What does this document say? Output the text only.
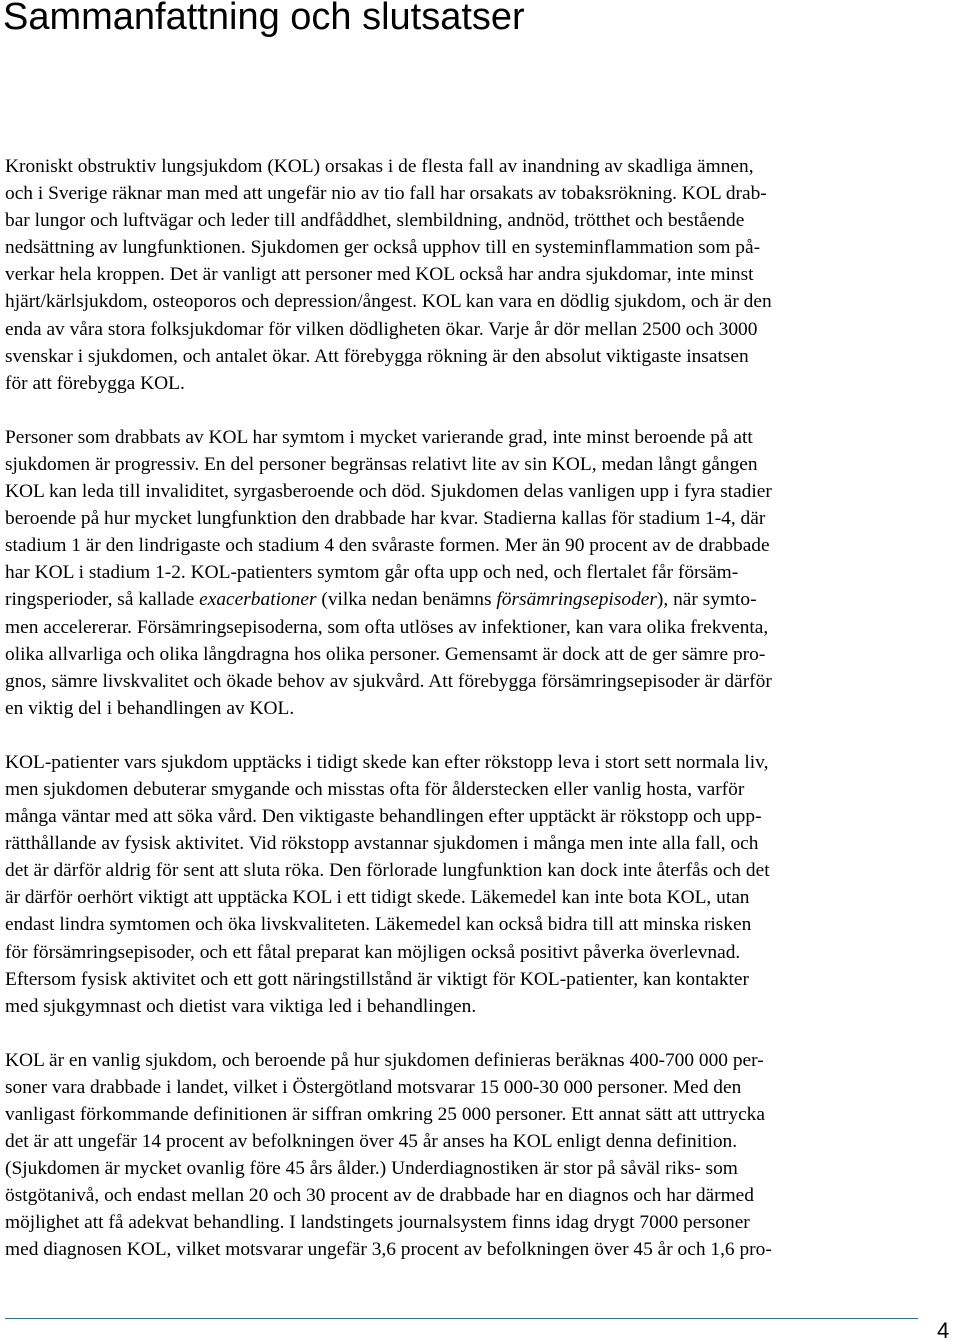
Sammanfattning och slutsatser

Kroniskt obstruktiv lungsjukdom (KOL) orsakas i de flesta fall av inandning av skadliga ämnen,
och i Sverige räknar man med att ungefär nio av tio fall har orsakats av tobaksrökning. KOL drab-
bar lungor och luftvägar och leder till andfåddhet, slembildning, andnöd, trötthet och bestående
nedsättning av lungfunktionen. Sjukdomen ger också upphov till en systeminflammation som på-
verkar hela kroppen. Det är vanligt att personer med KOL också har andra sjukdomar, inte minst
hjärt/kärlsjukdom, osteoporos och depression/ångest. KOL kan vara en dödlig sjukdom, och är den
enda av våra stora folksjukdomar för vilken dödligheten ökar. Varje år dör mellan 2500 och 3000
svenskar i sjukdomen, och antalet ökar. Att förebygga rökning är den absolut viktigaste insatsen
för att förebygga KOL.

Personer som drabbats av KOL har symtom i mycket varierande grad, inte minst beroende på att
sjukdomen är progressiv. En del personer begränsas relativt lite av sin KOL, medan långt gången
KOL kan leda till invaliditet, syrgasberoende och död. Sjukdomen delas vanligen upp i fyra stadier
beroende på hur mycket lungfunktion den drabbade har kvar. Stadierna kallas för stadium 1-4, där
stadium 1 är den lindrigaste och stadium 4 den svåraste formen. Mer än 90 procent av de drabbade
har KOL i stadium 1-2. KOL-patienters symtom går ofta upp och ned, och flertalet får försäm-
ringsperioder, så kallade exacerbationer (vilka nedan benämns försämringsepisoder), när symto-
men accelererar. Försämringsepisoderna, som ofta utlöses av infektioner, kan vara olika frekventa,
olika allvarliga och olika långdragna hos olika personer. Gemensamt är dock att de ger sämre pro-
gnos, sämre livskvalitet och ökade behov av sjukvård. Att förebygga försämringsepisoder är därför
en viktig del i behandlingen av KOL.

KOL-patienter vars sjukdom upptäcks i tidigt skede kan efter rökstopp leva i stort sett normala liv,
men sjukdomen debuterar smygande och misstas ofta för ålderstecken eller vanlig hosta, varför
många väntar med att söka vård. Den viktigaste behandlingen efter upptäckt är rökstopp och upp-
rätthållande av fysisk aktivitet. Vid rökstopp avstannar sjukdomen i många men inte alla fall, och
det är därför aldrig för sent att sluta röka. Den förlorade lungfunktion kan dock inte återfås och det
är därför oerhört viktigt att upptäcka KOL i ett tidigt skede. Läkemedel kan inte bota KOL, utan
endast lindra symtomen och öka livskvaliteten. Läkemedel kan också bidra till att minska risken
för försämringsepisoder, och ett fåtal preparat kan möjligen också positivt påverka överlevnad.
Eftersom fysisk aktivitet och ett gott näringstillstånd är viktigt för KOL-patienter, kan kontakter
med sjukgymnast och dietist vara viktiga led i behandlingen.

KOL är en vanlig sjukdom, och beroende på hur sjukdomen definieras beräknas 400-700 000 per-
soner vara drabbade i landet, vilket i Östergötland motsvarar 15 000-30 000 personer. Med den
vanligast förkommande definitionen är siffran omkring 25 000 personer. Ett annat sätt att uttrycka
det är att ungefär 14 procent av befolkningen över 45 år anses ha KOL enligt denna definition.
(Sjukdomen är mycket ovanlig före 45 års ålder.) Underdiagnostiken är stor på såväl riks- som
östgötanivå, och endast mellan 20 och 30 procent av de drabbade har en diagnos och har därmed
möjlighet att få adekvat behandling. I landstingets journalsystem finns idag drygt 7000 personer
med diagnosen KOL, vilket motsvarar ungefär 3,6 procent av befolkningen över 45 år och 1,6 pro-

4
